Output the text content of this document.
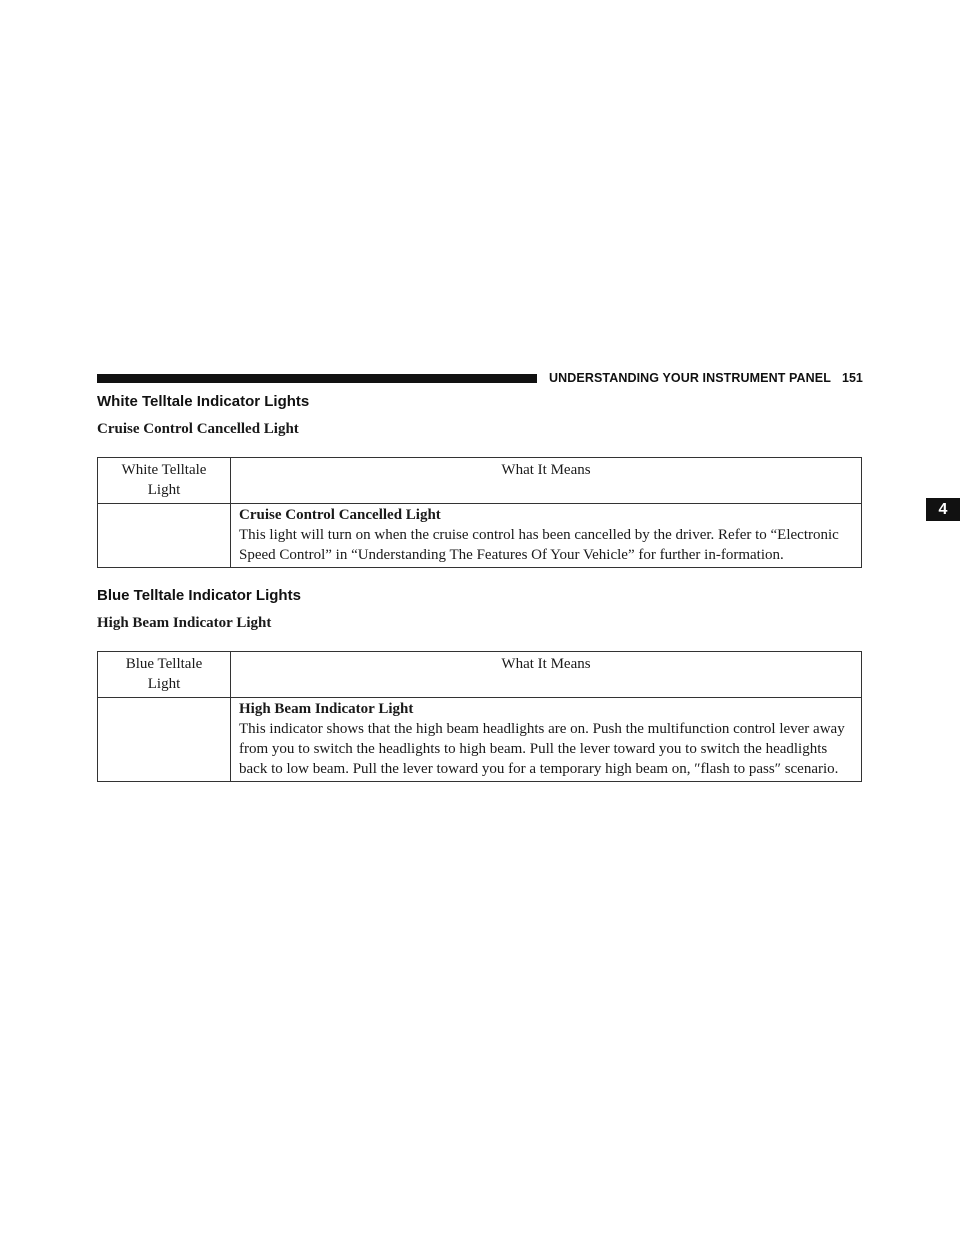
UNDERSTANDING YOUR INSTRUMENT PANEL 151
4
White Telltale Indicator Lights
Cruise Control Cancelled Light
White Telltale
Light	What It Means

	Cruise Control Cancelled Light
This light will turn on when the cruise control has been cancelled by the driver. Refer to “Electronic Speed Control” in “Understanding The Features Of Your Vehicle” for further in-formation.
Blue Telltale Indicator Lights
High Beam Indicator Light
Blue Telltale
Light	What It Means

	High Beam Indicator Light
This indicator shows that the high beam headlights are on. Push the multifunction control lever away from you to switch the headlights to high beam. Pull the lever toward you to switch the headlights back to low beam. Pull the lever toward you for a temporary high beam on, ″flash to pass″ scenario.
